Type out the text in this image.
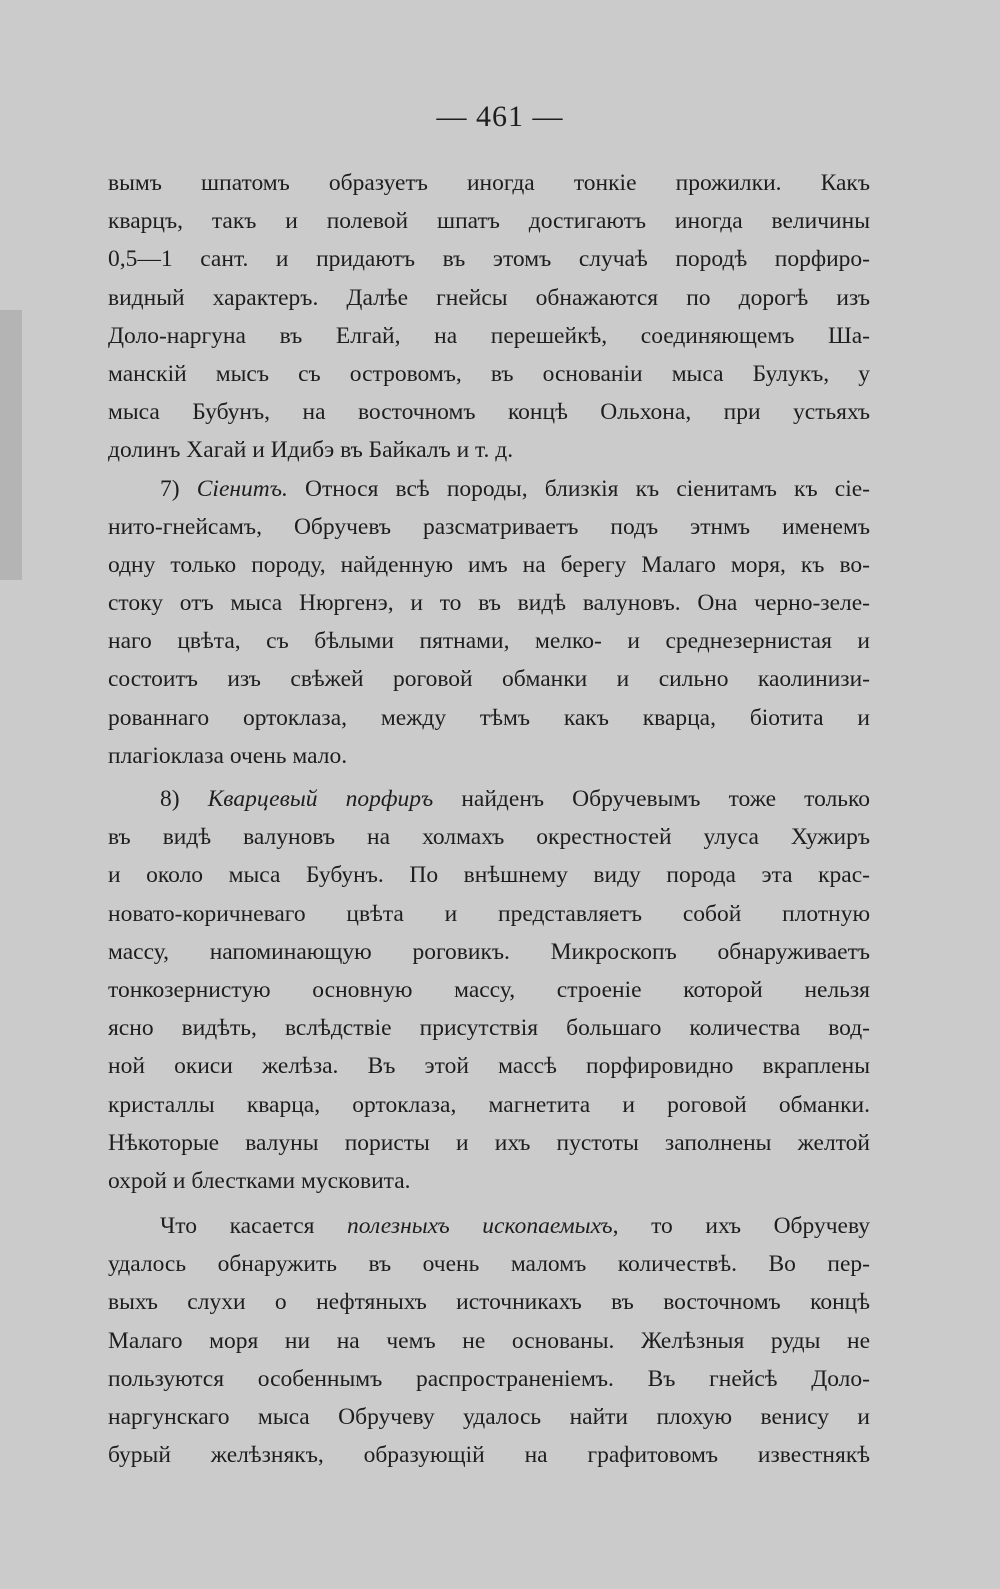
— 461 —
вымъ шпатомъ образуетъ иногда тонкіе прожилки. Какъ
кварцъ, такъ и полевой шпатъ достигаютъ иногда величины
0,5—1 сант. и придаютъ въ этомъ случаѣ породѣ порфиро-
видный характеръ. Далѣе гнейсы обнажаются по дорогѣ изъ
Доло-наргуна въ Елгай, на перешейкѣ, соединяющемъ Ша-
манскій мысъ съ островомъ, въ основаніи мыса Булукъ, у
мыса Бубунъ, на восточномъ концѣ Ольхона, при устьяхъ
долинъ Хагай и Идибэ въ Байкалъ и т. д.
7) Сіенитъ. Относя всѣ породы, близкія къ сіенитамъ къ сіе-
нито-гнейсамъ, Обручевъ разсматриваетъ подъ этнмъ именемъ
одну только породу, найденную имъ на берегу Малаго моря, къ во-
стоку отъ мыса Нюргенэ, и то въ видѣ валуновъ. Она черно-зеле-
наго цвѣта, съ бѣлыми пятнами, мелко- и среднезернистая и
состоитъ изъ свѣжей роговой обманки и сильно каолинизи-
рованнаго ортоклаза, между тѣмъ какъ кварца, біотита и
плагіоклаза очень мало.
8) Кварцевый порфиръ найденъ Обручевымъ тоже только
въ видѣ валуновъ на холмахъ окрестностей улуса Хужиръ
и около мыса Бубунъ. По внѣшнему виду порода эта крас-
новато-коричневаго цвѣта и представляетъ собой плотную
массу, напоминающую роговикъ. Микроскопъ обнаруживаетъ
тонкозернистую основную массу, строеніе которой нельзя
ясно видѣть, вслѣдствіе присутствія большаго количества вод-
ной окиси желѣза. Въ этой массѣ порфировидно вкраплены
кристаллы кварца, ортоклаза, магнетита и роговой обманки.
Нѣкоторые валуны пористы и ихъ пустоты заполнены желтой
охрой и блестками мусковита.
Что касается полезныхъ ископаемыхъ, то ихъ Обручеву
удалось обнаружить въ очень маломъ количествѣ. Во пер-
выхъ слухи о нефтяныхъ источникахъ въ восточномъ концѣ
Малаго моря ни на чемъ не основаны. Желѣзныя руды не
пользуются особеннымъ распространеніемъ. Въ гнейсѣ Доло-
наргунскаго мыса Обручеву удалось найти плохую венису и
бурый желѣзнякъ, образующій на графитовомъ известнякѣ
